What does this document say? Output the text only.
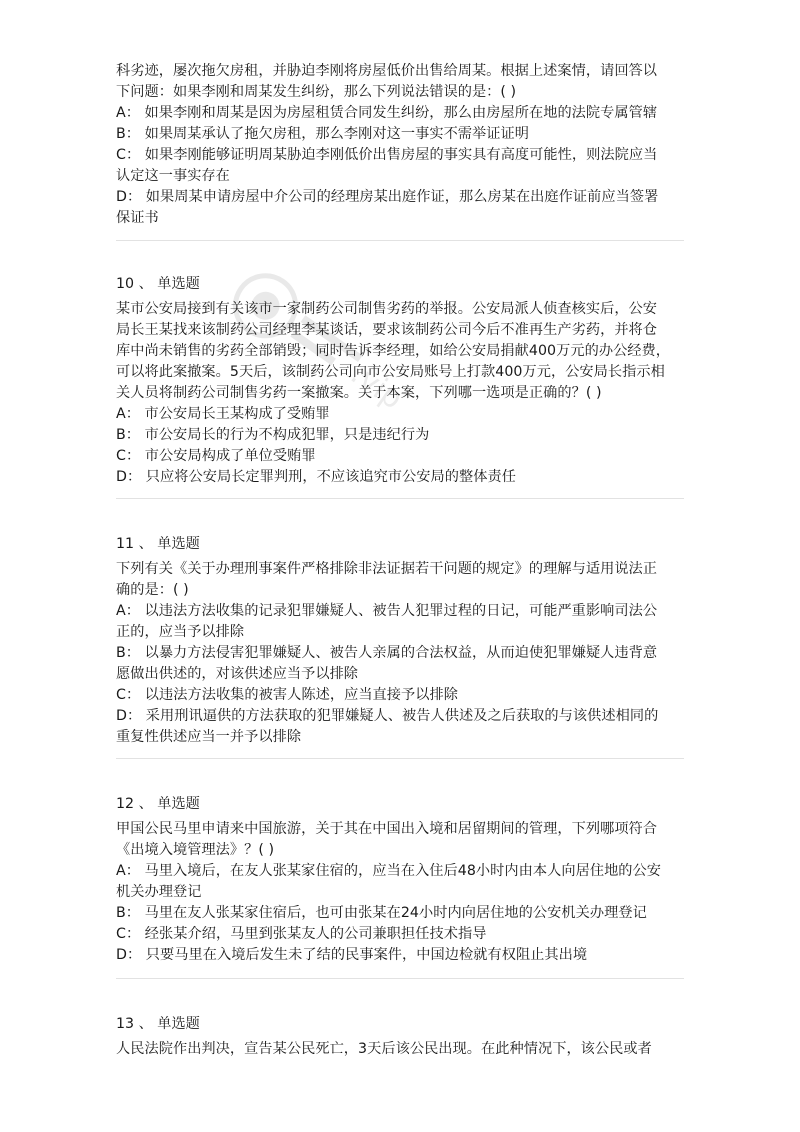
.vip
科劣迹，屡次拖欠房租，并胁迫李刚将房屋低价出售给周某。根据上述案情，请回答以
下问题：如果李刚和周某发生纠纷，那么下列说法错误的是：( )
A： 如果李刚和周某是因为房屋租赁合同发生纠纷，那么由房屋所在地的法院专属管辖
B： 如果周某承认了拖欠房租，那么李刚对这一事实不需举证证明
C： 如果李刚能够证明周某胁迫李刚低价出售房屋的事实具有高度可能性，则法院应当
认定这一事实存在
D： 如果周某申请房屋中介公司的经理房某出庭作证，那么房某在出庭作证前应当签署
保证书
10 、 单选题
某市公安局接到有关该市一家制药公司制售劣药的举报。公安局派人侦查核实后，公安
局长王某找来该制药公司经理李某谈话，要求该制药公司今后不准再生产劣药，并将仓
库中尚未销售的劣药全部销毁；同时告诉李经理，如给公安局捐献400万元的办公经费，
可以将此案撤案。5天后，该制药公司向市公安局账号上打款400万元，公安局长指示相
关人员将制药公司制售劣药一案撤案。关于本案，下列哪一选项是正确的？( )
A： 市公安局长王某构成了受贿罪
B： 市公安局长的行为不构成犯罪，只是违纪行为
C： 市公安局构成了单位受贿罪
D： 只应将公安局长定罪判刑，不应该追究市公安局的整体责任
11 、 单选题
下列有关《关于办理刑事案件严格排除非法证据若干问题的规定》的理解与适用说法正
确的是：( )
A： 以违法方法收集的记录犯罪嫌疑人、被告人犯罪过程的日记，可能严重影响司法公
正的，应当予以排除
B： 以暴力方法侵害犯罪嫌疑人、被告人亲属的合法权益，从而迫使犯罪嫌疑人违背意
愿做出供述的，对该供述应当予以排除
C： 以违法方法收集的被害人陈述，应当直接予以排除
D： 采用刑讯逼供的方法获取的犯罪嫌疑人、被告人供述及之后获取的与该供述相同的
重复性供述应当一并予以排除
12 、 单选题
甲国公民马里申请来中国旅游，关于其在中国出入境和居留期间的管理，下列哪项符合
《出境入境管理法》？( )
A： 马里入境后，在友人张某家住宿的，应当在入住后48小时内由本人向居住地的公安
机关办理登记
B： 马里在友人张某家住宿后，也可由张某在24小时内向居住地的公安机关办理登记
C： 经张某介绍，马里到张某友人的公司兼职担任技术指导
D： 只要马里在入境后发生未了结的民事案件，中国边检就有权阻止其出境
13 、 单选题
人民法院作出判决，宣告某公民死亡，3天后该公民出现。在此种情况下，该公民或者
